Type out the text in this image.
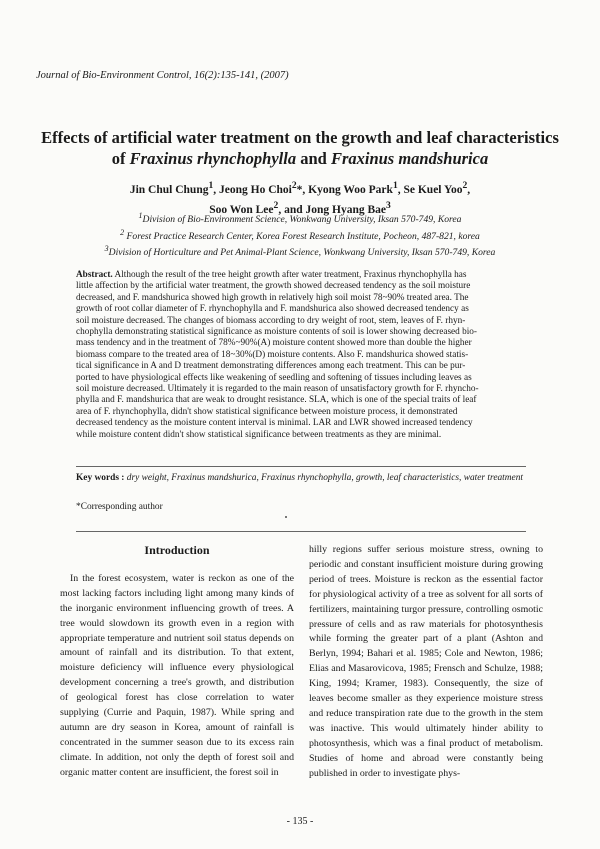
Journal of Bio-Environment Control, 16(2):135-141, (2007)
Effects of artificial water treatment on the growth and leaf characteristics
of Fraxinus rhynchophylla and Fraxinus mandshurica
Jin Chul Chung$^1$, Jeong Ho Choi$^2$*, Kyong Woo Park$^1$, Se Kuel Yoo$^2$,
Soo Won Lee$^2$, and Jong Hyang Bae$^3$
$^1$Division of Bio-Environment Science, Wonkwang University, Iksan 570-749, Korea
$^2$ Forest Practice Research Center, Korea Forest Research Institute, Pocheon, 487-821, korea
$^3$Division of Horticulture and Pet Animal-Plant Science, Wonkwang University, Iksan 570-749, Korea
Abstract. Although the result of the tree height growth after water treatment, Fraxinus rhynchophylla has
little affection by the artificial water treatment, the growth showed decreased tendency as the soil moisture
decreased, and F. mandshurica showed high growth in relatively high soil moist 78~90% treated area. The
growth of root collar diameter of F. rhynchophylla and F. mandshurica also showed decreased tendency as
soil moisture decreased. The changes of biomass according to dry weight of root, stem, leaves of F. rhyn-
chophylla demonstrating statistical significance as moisture contents of soil is lower showing decreased bio-
mass tendency and in the treatment of 78%~90%(A) moisture content showed more than double the higher
biomass compare to the treated area of 18~30%(D) moisture contents. Also F. mandshurica showed statis-
tical significance in A and D treatment demonstrating differences among each treatment. This can be pur-
ported to have physiological effects like weakening of seedling and softening of tissues including leaves as
soil moisture decreased. Ultimately it is regarded to the main reason of unsatisfactory growth for F. rhyncho-
phylla and F. mandshurica that are weak to drought resistance. SLA, which is one of the special traits of leaf
area of F. rhynchophylla, didn't show statistical significance between moisture process, it demonstrated
decreased tendency as the moisture content interval is minimal. LAR and LWR showed increased tendency
while moisture content didn't show statistical significance between treatments as they are minimal.
Key words : dry weight, Fraxinus mandshurica, Fraxinus rhynchophylla, growth, leaf characteristics, water treatment
*Corresponding author
Introduction

In the forest ecosystem, water is reckon as one of the most lacking factors including light among many kinds of the inorganic environment influencing growth of trees. A tree would slowdown its growth even in a region with appropriate temperature and nutrient soil status depends on amount of rainfall and its distribution. To that extent, moisture deficiency will influence every physiological development concerning a tree's growth, and distribution of geological forest has close correlation to water supplying (Currie and Paquin, 1987). While spring and autumn are dry season in Korea, amount of rainfall is concentrated in the summer season due to its excess rain climate. In addition, not only the depth of forest soil and organic matter content are insufficient, the forest soil in

hilly regions suffer serious moisture stress, owning to periodic and constant insufficient moisture during growing period of trees. Moisture is reckon as the essential factor for physiological activity of a tree as solvent for all sorts of fertilizers, maintaining turgor pressure, controlling osmotic pressure of cells and as raw materials for photosynthesis while forming the greater part of a plant (Ashton and Berlyn, 1994; Bahari et al. 1985; Cole and Newton, 1986; Elias and Masarovicova, 1985; Frensch and Schulze, 1988; King, 1994; Kramer, 1983). Consequently, the size of leaves become smaller as they experience moisture stress and reduce transpiration rate due to the growth in the stem was inactive. This would ultimately hinder ability to photosynthesis, which was a final product of metabolism. Studies of home and abroad were constantly being published in order to investigate phys-

- 135 -
